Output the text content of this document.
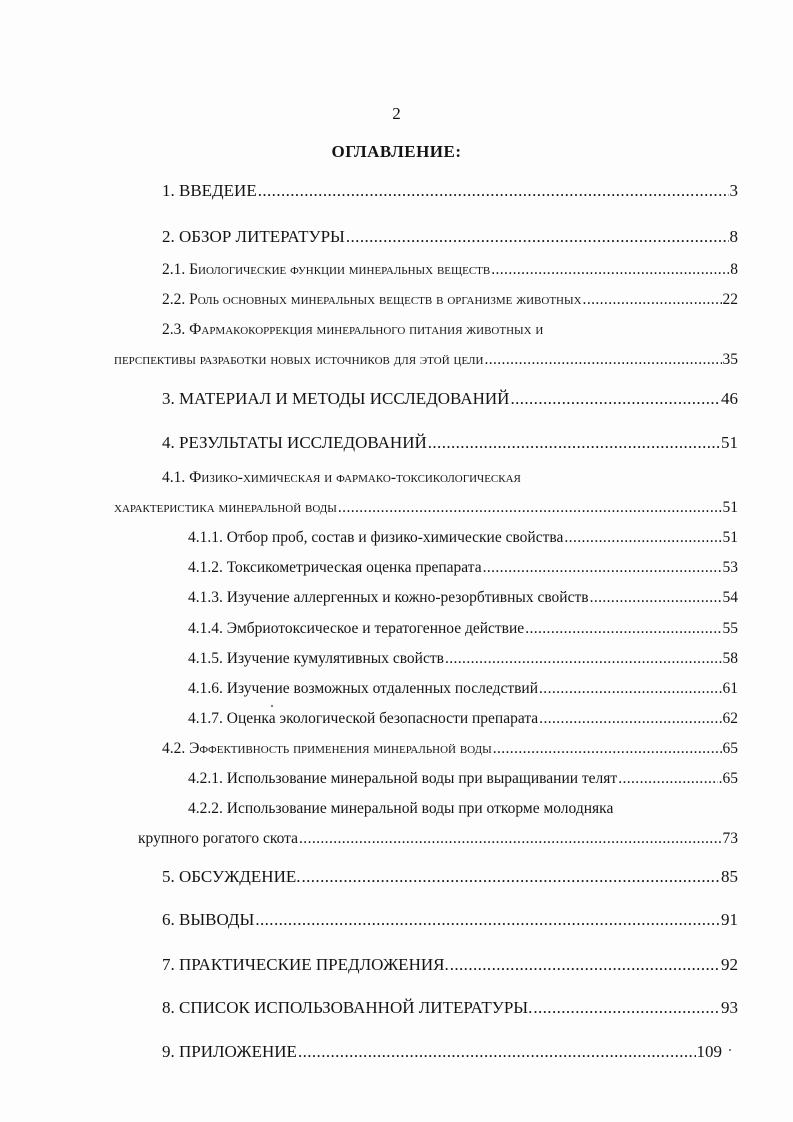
2
ОГЛАВЛЕНИЕ:
1. ВВЕДЕИЕ .....	3
2. ОБЗОР ЛИТЕРАТУРЫ .....	8
2.1. Биологические функции минеральных веществ .....	8
2.2. Роль основных минеральных веществ в организме животных .....	22
2.3. Фармакокоррекция минерального питания животных и
перспективы разработки новых источников для этой цели .....	35
3. МАТЕРИАЛ И МЕТОДЫ ИССЛЕДОВАНИЙ .....	46
4. РЕЗУЛЬТАТЫ ИССЛЕДОВАНИЙ .....	51
4.1. Физико-химическая и фармако-токсикологическая
характеристика минеральной воды .....	51
4.1.1. Отбор проб, состав и физико-химические свойства .....	51
4.1.2. Токсикометрическая оценка препарата .....	53
4.1.3. Изучение аллергенных и кожно-резорбтивных свойств .....	54
4.1.4. Эмбриотоксическое и тератогенное действие .....	55
4.1.5. Изучение кумулятивных свойств .....	58
4.1.6. Изучение возможных отдаленных последствий .....	61
4.1.7. Оценка экологической безопасности препарата .....	62
4.2. Эффективность применения минеральной воды .....	65
4.2.1. Использование минеральной воды при выращивании телят .....	.65
4.2.2. Использование минеральной воды при откорме молодняка
крупного рогатого скота .....	73
5. ОБСУЖДЕНИЕ. .....	85
6. ВЫВОДЫ .....	91
7. ПРАКТИЧЕСКИЕ ПРЕДЛОЖЕНИЯ. .....	92
8. СПИСОК ИСПОЛЬЗОВАННОЙ ЛИТЕРАТУРЫ. .....	93
9. ПРИЛОЖЕНИЕ .....	109
